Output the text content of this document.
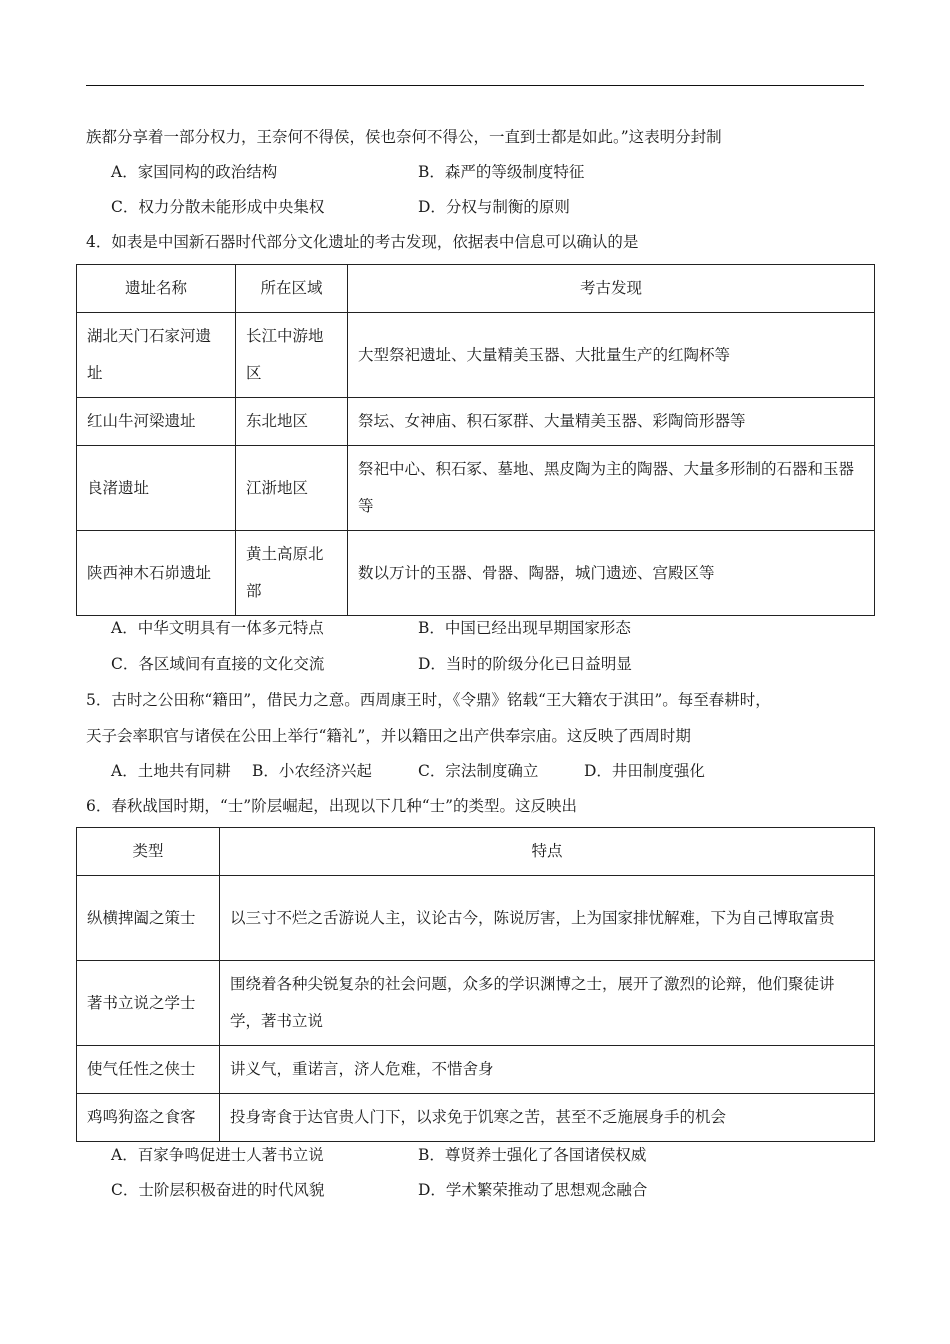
族都分享着一部分权力，王奈何不得侯，侯也奈何不得公，一直到士都是如此。”这表明分封制
A．家国同构的政治结构	B．森严的等级制度特征
C．权力分散未能形成中央集权	D．分权与制衡的原则
4．如表是中国新石器时代部分文化遗址的考古发现，依据表中信息可以确认的是
遗址名称	所在区域	考古发现
湖北天门石家河遗址	长江中游地区	大型祭祀遗址、大量精美玉器、大批量生产的红陶杯等
红山牛河梁遗址	东北地区	祭坛、女神庙、积石冢群、大量精美玉器、彩陶筒形器等
良渚遗址	江浙地区	祭祀中心、积石冢、墓地、黑皮陶为主的陶器、大量多形制的石器和玉器等
陕西神木石峁遗址	黄土高原北部	数以万计的玉器、骨器、陶器，城门遗迹、宫殿区等
A．中华文明具有一体多元特点	B．中国已经出现早期国家形态
C．各区域间有直接的文化交流	D．当时的阶级分化已日益明显
5．古时之公田称“籍田”，借民力之意。西周康王时，《令鼎》铭载“王大籍农于淇田”。每至春耕时，
天子会率职官与诸侯在公田上举行“籍礼”，并以籍田之出产供奉宗庙。这反映了西周时期
A．土地共有同耕 B．小农经济兴起	C．宗法制度确立	D．井田制度强化
6．春秋战国时期，“士”阶层崛起，出现以下几种“士”的类型。这反映出
类型	特点
纵横捭阖之策士	以三寸不烂之舌游说人主，议论古今，陈说厉害，上为国家排忧解难，下为自己博取富贵
著书立说之学士	围绕着各种尖锐复杂的社会问题，众多的学识渊博之士，展开了激烈的论辩，他们聚徒讲学，著书立说
使气任性之侠士	讲义气，重诺言，济人危难，不惜舍身
鸡鸣狗盗之食客	投身寄食于达官贵人门下，以求免于饥寒之苦，甚至不乏施展身手的机会
A．百家争鸣促进士人著书立说	B．尊贤养士强化了各国诸侯权威
C．士阶层积极奋进的时代风貌	D．学术繁荣推动了思想观念融合
